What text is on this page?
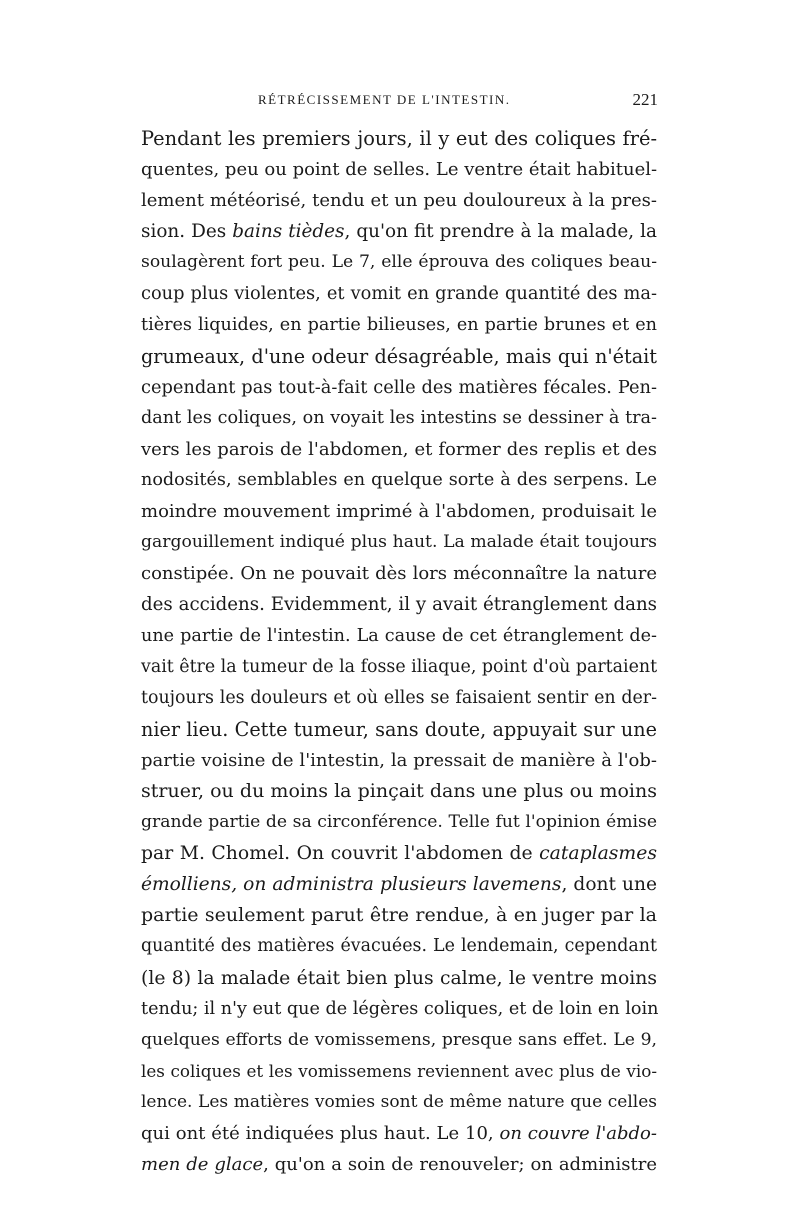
RÉTRÉCISSEMENT DE L'INTESTIN.	221
Pendant les premiers jours, il y eut des coliques fré-
quentes, peu ou point de selles. Le ventre était habituel-
lement météorisé, tendu et un peu douloureux à la pres-
sion. Des bains tièdes, qu'on fit prendre à la malade, la
soulagèrent fort peu. Le 7, elle éprouva des coliques beau-
coup plus violentes, et vomit en grande quantité des ma-
tières liquides, en partie bilieuses, en partie brunes et en
grumeaux, d'une odeur désagréable, mais qui n'était
cependant pas tout-à-fait celle des matières fécales. Pen-
dant les coliques, on voyait les intestins se dessiner à tra-
vers les parois de l'abdomen, et former des replis et des
nodosités, semblables en quelque sorte à des serpens. Le
moindre mouvement imprimé à l'abdomen, produisait le
gargouillement indiqué plus haut. La malade était toujours
constipée. On ne pouvait dès lors méconnaître la nature
des accidens. Evidemment, il y avait étranglement dans
une partie de l'intestin. La cause de cet étranglement de-
vait être la tumeur de la fosse iliaque, point d'où partaient
toujours les douleurs et où elles se faisaient sentir en der-
nier lieu. Cette tumeur, sans doute, appuyait sur une
partie voisine de l'intestin, la pressait de manière à l'ob-
struer, ou du moins la pinçait dans une plus ou moins
grande partie de sa circonférence. Telle fut l'opinion émise
par M. Chomel. On couvrit l'abdomen de cataplasmes
émolliens, on administra plusieurs lavemens, dont une
partie seulement parut être rendue, à en juger par la
quantité des matières évacuées. Le lendemain, cependant
(le 8) la malade était bien plus calme, le ventre moins
tendu; il n'y eut que de légères coliques, et de loin en loin
quelques efforts de vomissemens, presque sans effet. Le 9,
les coliques et les vomissemens reviennent avec plus de vio-
lence. Les matières vomies sont de même nature que celles
qui ont été indiquées plus haut. Le 10, on couvre l'abdo-
men de glace, qu'on a soin de renouveler; on administre
